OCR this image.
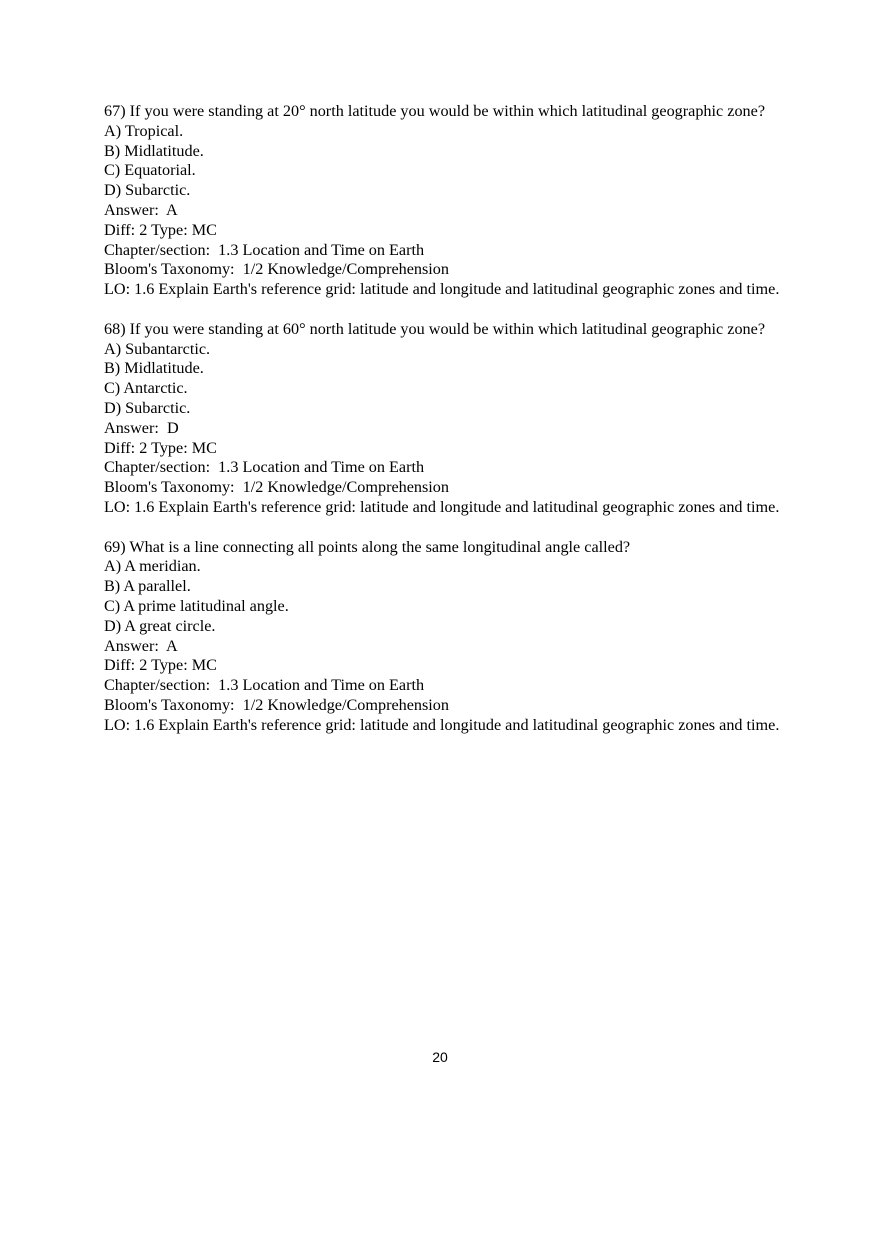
67) If you were standing at 20° north latitude you would be within which latitudinal geographic zone?
A) Tropical.
B) Midlatitude.
C) Equatorial.
D) Subarctic.
Answer:  A
Diff: 2 Type: MC
Chapter/section:  1.3 Location and Time on Earth
Bloom's Taxonomy:  1/2 Knowledge/Comprehension
LO: 1.6 Explain Earth's reference grid: latitude and longitude and latitudinal geographic zones and time.
68) If you were standing at 60° north latitude you would be within which latitudinal geographic zone?
A) Subantarctic.
B) Midlatitude.
C) Antarctic.
D) Subarctic.
Answer:  D
Diff: 2 Type: MC
Chapter/section:  1.3 Location and Time on Earth
Bloom's Taxonomy:  1/2 Knowledge/Comprehension
LO: 1.6 Explain Earth's reference grid: latitude and longitude and latitudinal geographic zones and time.
69) What is a line connecting all points along the same longitudinal angle called?
A) A meridian.
B) A parallel.
C) A prime latitudinal angle.
D) A great circle.
Answer:  A
Diff: 2 Type: MC
Chapter/section:  1.3 Location and Time on Earth
Bloom's Taxonomy:  1/2 Knowledge/Comprehension
LO: 1.6 Explain Earth's reference grid: latitude and longitude and latitudinal geographic zones and time.
20
